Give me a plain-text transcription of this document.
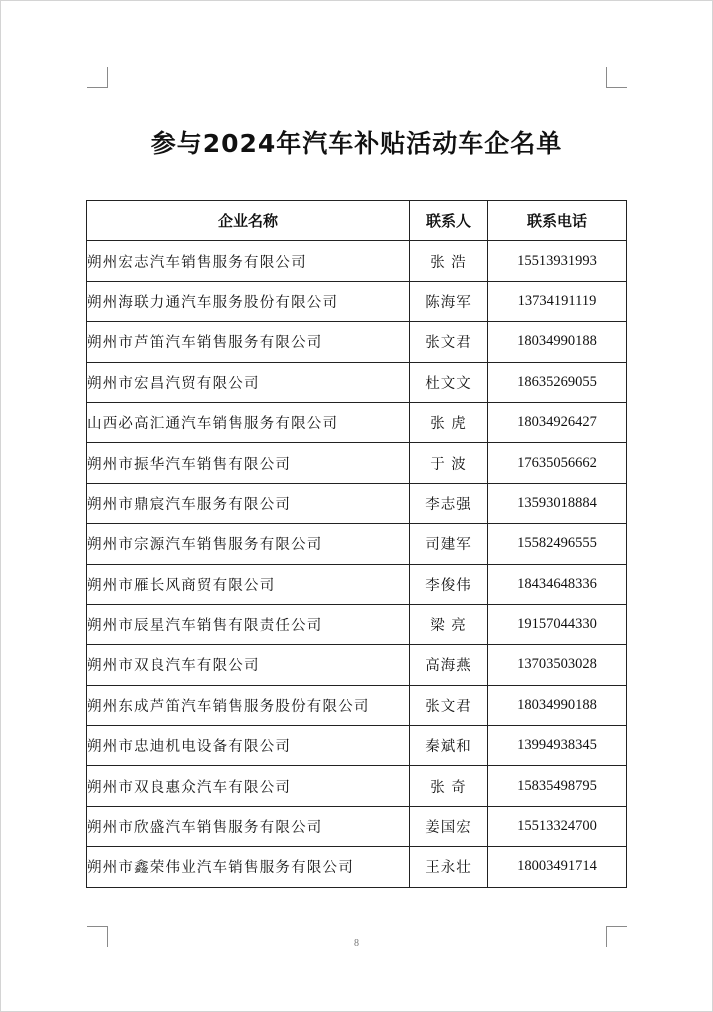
参与2024年汽车补贴活动车企名单
企业名称	联系人	联系电话
朔州宏志汽车销售服务有限公司	张 浩	15513931993
朔州海联力通汽车服务股份有限公司	陈海军	13734191119
朔州市芦笛汽车销售服务有限公司	张文君	18034990188
朔州市宏昌汽贸有限公司	杜文文	18635269055
山西必高汇通汽车销售服务有限公司	张 虎	18034926427
朔州市振华汽车销售有限公司	于 波	17635056662
朔州市鼎宸汽车服务有限公司	李志强	13593018884
朔州市宗源汽车销售服务有限公司	司建军	15582496555
朔州市雁长风商贸有限公司	李俊伟	18434648336
朔州市辰星汽车销售有限责任公司	梁 亮	19157044330
朔州市双良汽车有限公司	高海燕	13703503028
朔州东成芦笛汽车销售服务股份有限公司	张文君	18034990188
朔州市忠迪机电设备有限公司	秦斌和	13994938345
朔州市双良惠众汽车有限公司	张 奇	15835498795
朔州市欣盛汽车销售服务有限公司	姜国宏	15513324700
朔州市鑫荣伟业汽车销售服务有限公司	王永壮	18003491714
8
